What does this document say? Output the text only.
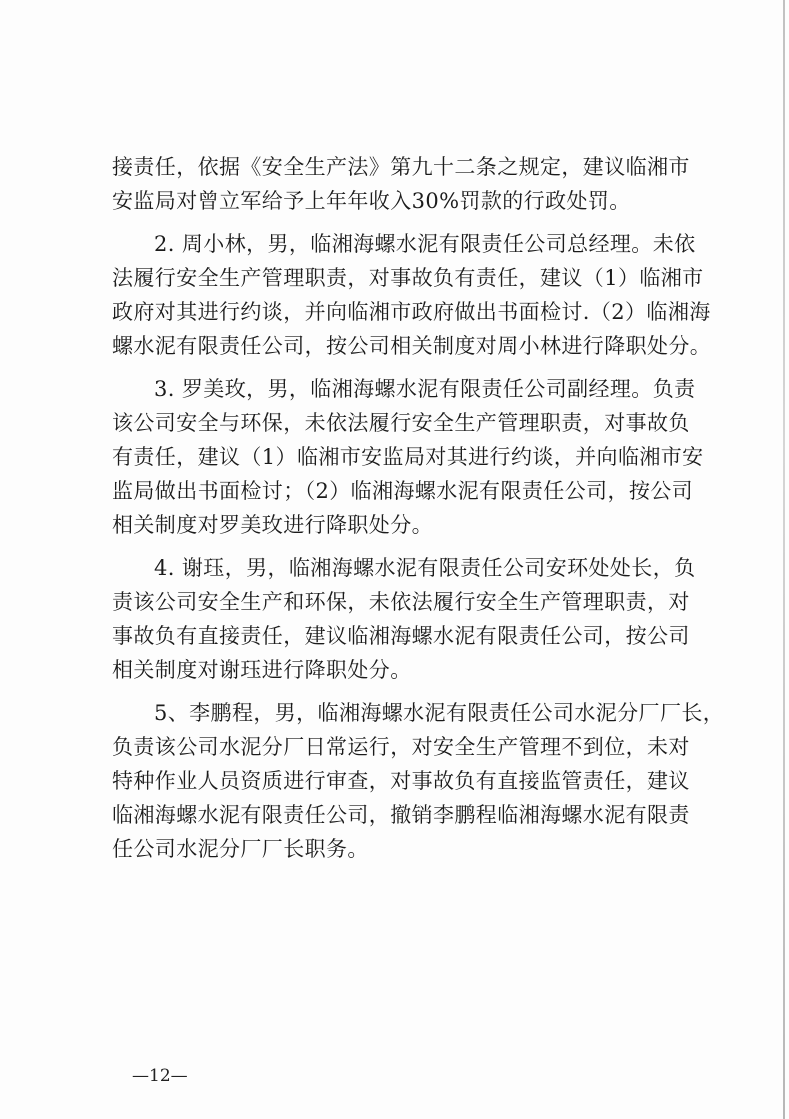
接责任，依据《安全生产法》第九十二条之规定，建议临湘市
安监局对曾立军给予上年年收入30%罚款的行政处罚。
2. 周小林，男，临湘海螺水泥有限责任公司总经理。未依
法履行安全生产管理职责，对事故负有责任，建议（1）临湘市
政府对其进行约谈，并向临湘市政府做出书面检讨.（2）临湘海
螺水泥有限责任公司，按公司相关制度对周小林进行降职处分。
3. 罗美玫，男，临湘海螺水泥有限责任公司副经理。负责
该公司安全与环保，未依法履行安全生产管理职责，对事故负
有责任，建议（1）临湘市安监局对其进行约谈，并向临湘市安
监局做出书面检讨；（2）临湘海螺水泥有限责任公司，按公司
相关制度对罗美玫进行降职处分。
4. 谢珏，男，临湘海螺水泥有限责任公司安环处处长，负
责该公司安全生产和环保，未依法履行安全生产管理职责，对
事故负有直接责任，建议临湘海螺水泥有限责任公司，按公司
相关制度对谢珏进行降职处分。
5、李鹏程，男，临湘海螺水泥有限责任公司水泥分厂厂长，
负责该公司水泥分厂日常运行，对安全生产管理不到位，未对
特种作业人员资质进行审查，对事故负有直接监管责任，建议
临湘海螺水泥有限责任公司，撤销李鹏程临湘海螺水泥有限责
任公司水泥分厂厂长职务。
—12—
